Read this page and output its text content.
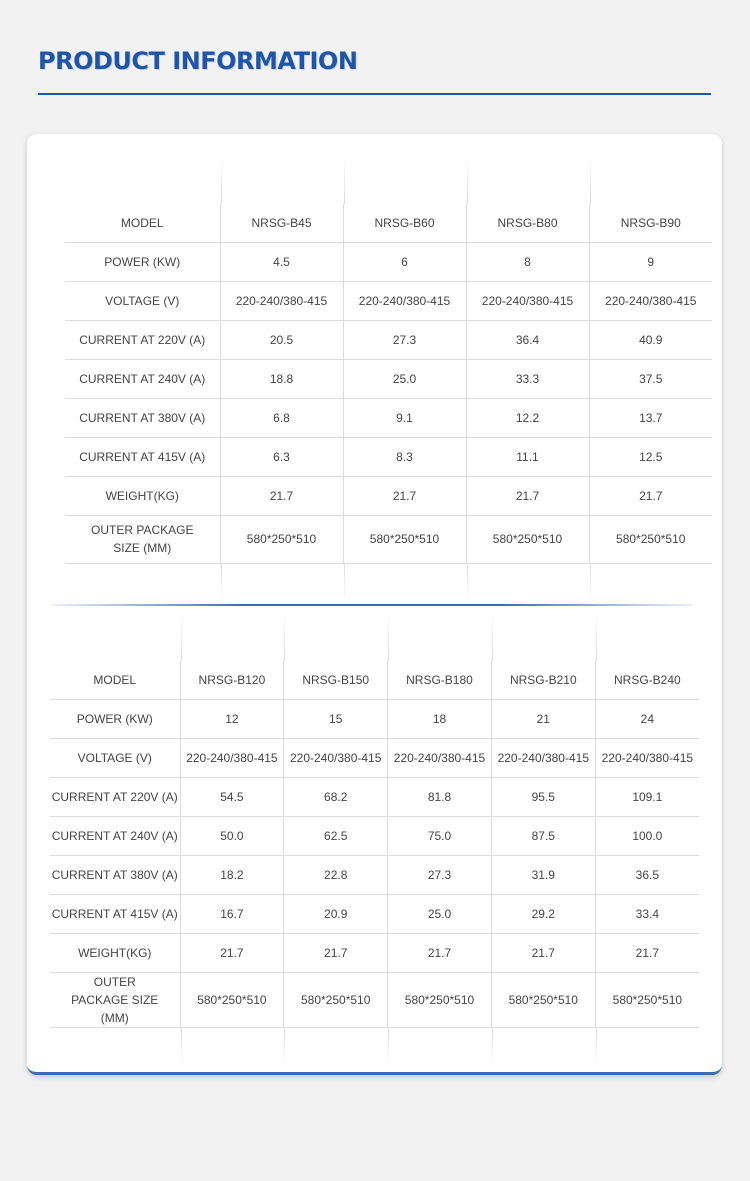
PRODUCT INFORMATION

MODEL	NRSG-B45	NRSG-B60	NRSG-B80	NRSG-B90
POWER (KW)	4.5	6	8	9
VOLTAGE (V)	220-240/380-415	220-240/380-415	220-240/380-415	220-240/380-415
CURRENT AT 220V (A)	20.5	27.3	36.4	40.9
CURRENT AT 240V (A)	18.8	25.0	33.3	37.5
CURRENT AT 380V (A)	6.8	9.1	12.2	13.7
CURRENT AT 415V (A)	6.3	8.3	11.1	12.5
WEIGHT(KG)	21.7	21.7	21.7	21.7
OUTER PACKAGE SIZE (MM)	580*250*510	580*250*510	580*250*510	580*250*510

MODEL	NRSG-B120	NRSG-B150	NRSG-B180	NRSG-B210	NRSG-B240
POWER (KW)	12	15	18	21	24
VOLTAGE (V)	220-240/380-415	220-240/380-415	220-240/380-415	220-240/380-415	220-240/380-415
CURRENT AT 220V (A)	54.5	68.2	81.8	95.5	109.1
CURRENT AT 240V (A)	50.0	62.5	75.0	87.5	100.0
CURRENT AT 380V (A)	18.2	22.8	27.3	31.9	36.5
CURRENT AT 415V (A)	16.7	20.9	25.0	29.2	33.4
WEIGHT(KG)	21.7	21.7	21.7	21.7	21.7
OUTER PACKAGE SIZE (MM)	580*250*510	580*250*510	580*250*510	580*250*510	580*250*510
